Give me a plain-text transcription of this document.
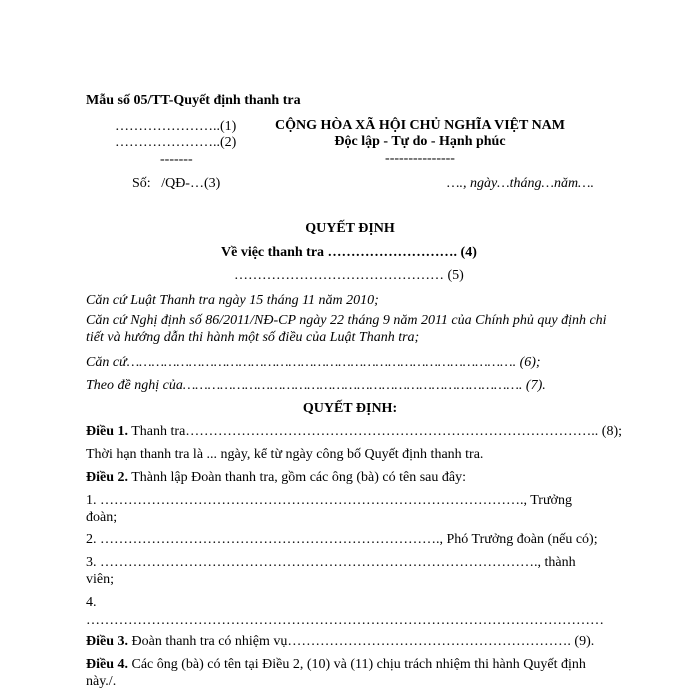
Mẫu số 05/TT-Quyết định thanh tra
…………………..(1)
…………………..(2)
-------
Số: /QĐ-…(3)
CỘNG HÒA XÃ HỘI CHỦ NGHĨA VIỆT NAM
Độc lập - Tự do - Hạnh phúc
---------------
…., ngày…tháng…năm….
QUYẾT ĐỊNH
Về việc thanh tra ………………………. (4)
……………………………………… (5)
Căn cứ Luật Thanh tra ngày 15 tháng 11 năm 2010;
Căn cứ Nghị định số 86/2011/NĐ-CP ngày 22 tháng 9 năm 2011 của Chính phủ quy định chi tiết và hướng dẫn thi hành một số điều của Luật Thanh tra;
Căn cứ…………………………………………………………………………………. (6);
Theo đề nghị của………………………………………………………………………. (7).
QUYẾT ĐỊNH:
Điều 1. Thanh tra…………………………………………………………………………….. (8);
Thời hạn thanh tra là ... ngày, kể từ ngày công bố Quyết định thanh tra.
Điều 2. Thành lập Đoàn thanh tra, gồm các ông (bà) có tên sau đây:
1. ………………………………………………………………………………., Trưởng đoàn;
2. ………………………………………………………………., Phó Trưởng đoàn (nếu có);
3. …………………………………………………………………………………., thành viên;
4.
…………………………………………………………………………………………………
Điều 3. Đoàn thanh tra có nhiệm vụ……………………………………………………. (9).
Điều 4. Các ông (bà) có tên tại Điều 2, (10) và (11) chịu trách nhiệm thi hành Quyết định này./.
